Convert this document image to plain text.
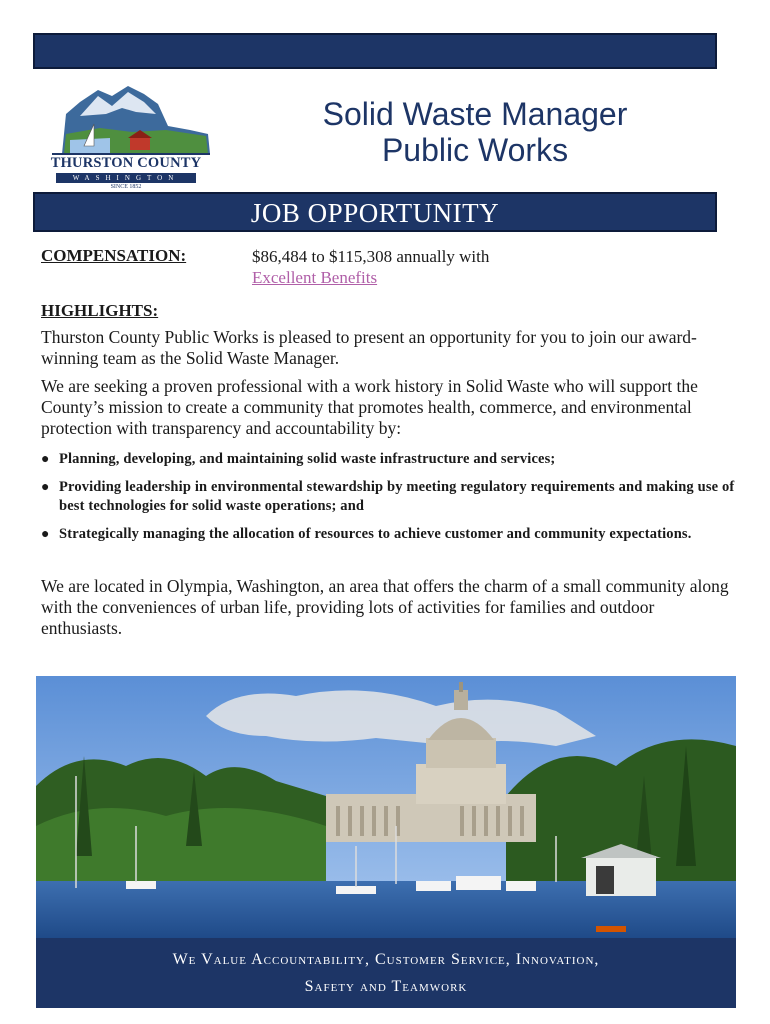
THURSTON COUNTY
WASHINGTON
SINCE 1852
Solid Waste Manager
Public Works
JOB OPPORTUNITY
COMPENSATION:	$86,484 to $115,308 annually with
Excellent Benefits
HIGHLIGHTS:
Thurston County Public Works is pleased to present an opportunity for you to join our award-winning team as the Solid Waste Manager.
We are seeking a proven professional with a work history in Solid Waste who will support the County’s mission to create a community that promotes health, commerce, and environmental protection with transparency and accountability by:
● Planning, developing, and maintaining solid waste infrastructure and services;
● Providing leadership in environmental stewardship by meeting regulatory requirements and making use of best technologies for solid waste operations; and
● Strategically managing the allocation of resources to achieve customer and community expectations.
We are located in Olympia, Washington, an area that offers the charm of a small community along with the conveniences of urban life, providing lots of activities for families and outdoor enthusiasts.
We Value Accountability, Customer Service, Innovation,
Safety and Teamwork
